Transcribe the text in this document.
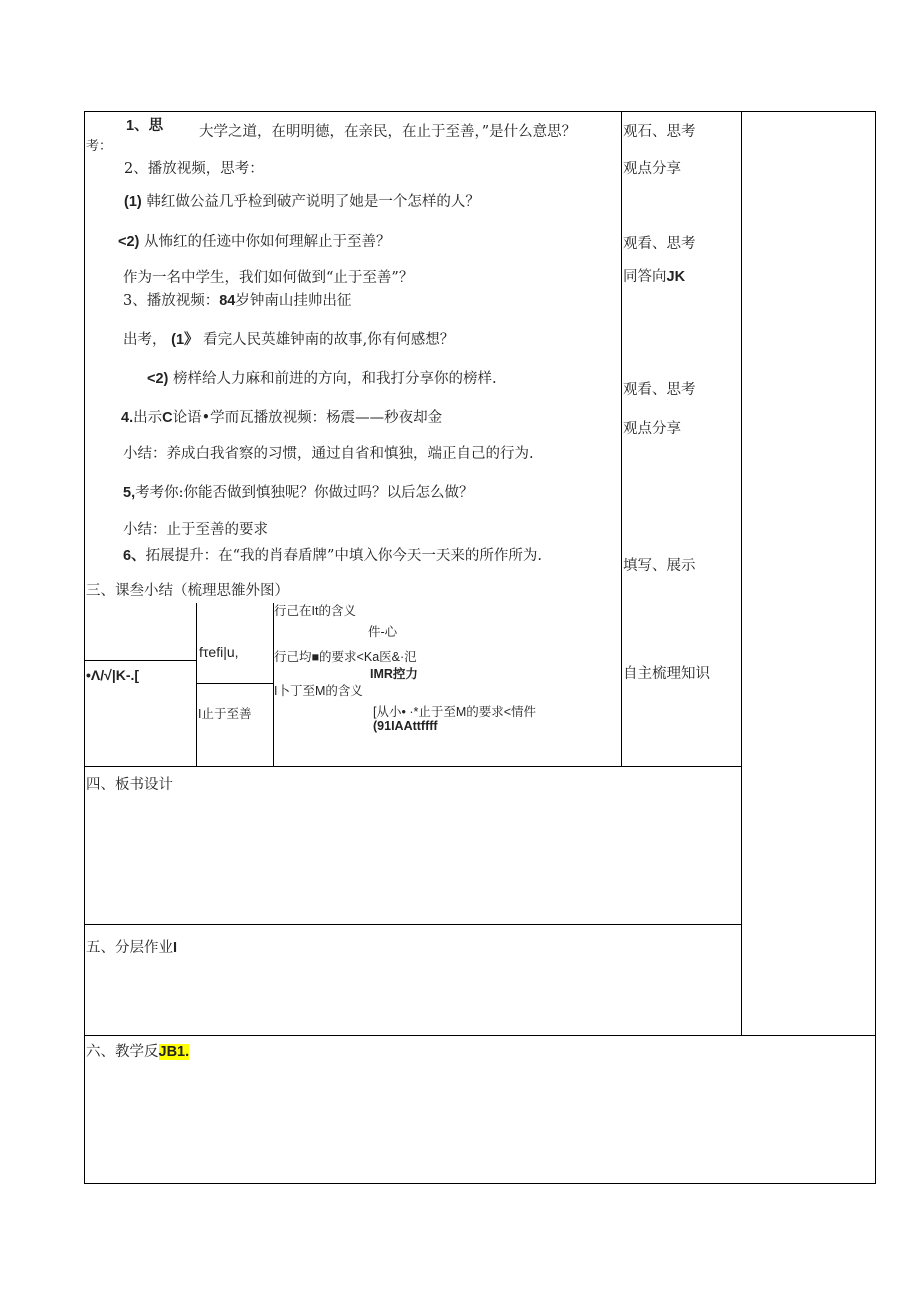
1、思
考：
大学之道，在明明德，在亲民，在止于至善，”是什么意思？
2、播放视频，思考：
(1) 韩红做公益几乎检到破产说明了她是一个怎样的人？
<2) 从怖红的任迹中你如何理解止于至善？
作为一名中学生，我们如何做到“止于至善”？
3、播放视频：84岁钟南山挂帅出征
出考， (1》 看完人民英雄钟南的故事,你有何感想？
<2) 榜样给人力麻和前进的方向，和我打分享你的榜样.
4.出示C论语•学而瓦播放视频：杨震——秒夜却金
小结：养成白我省察的习惯，通过自省和慎独，端正自己的行为.
5,考考你:你能否做到慎独呢？你做过吗？以后怎么做？
小结：止于至善的要求
6、拓展提升：在“我的肖春盾牌”中填入你今天一天来的所作所为.
三、课叁小结（梳理思雒外图）
•Λ/√|K-.[
fτefi|u,
I止于至善
行己在It的含义
件-心
行己均■的要求<Ka医&·氾
IMR控力
I卜丁至M的含义
[从小• ·*止于至M的要求<情件
(91IAAttffff
四、板书设计
五、分层作业I
六、教学反JB1.
观石、思考
观点分享
观看、思考
同答向JK
观看、思考
观点分享
填写、展示
自主梳理知识
